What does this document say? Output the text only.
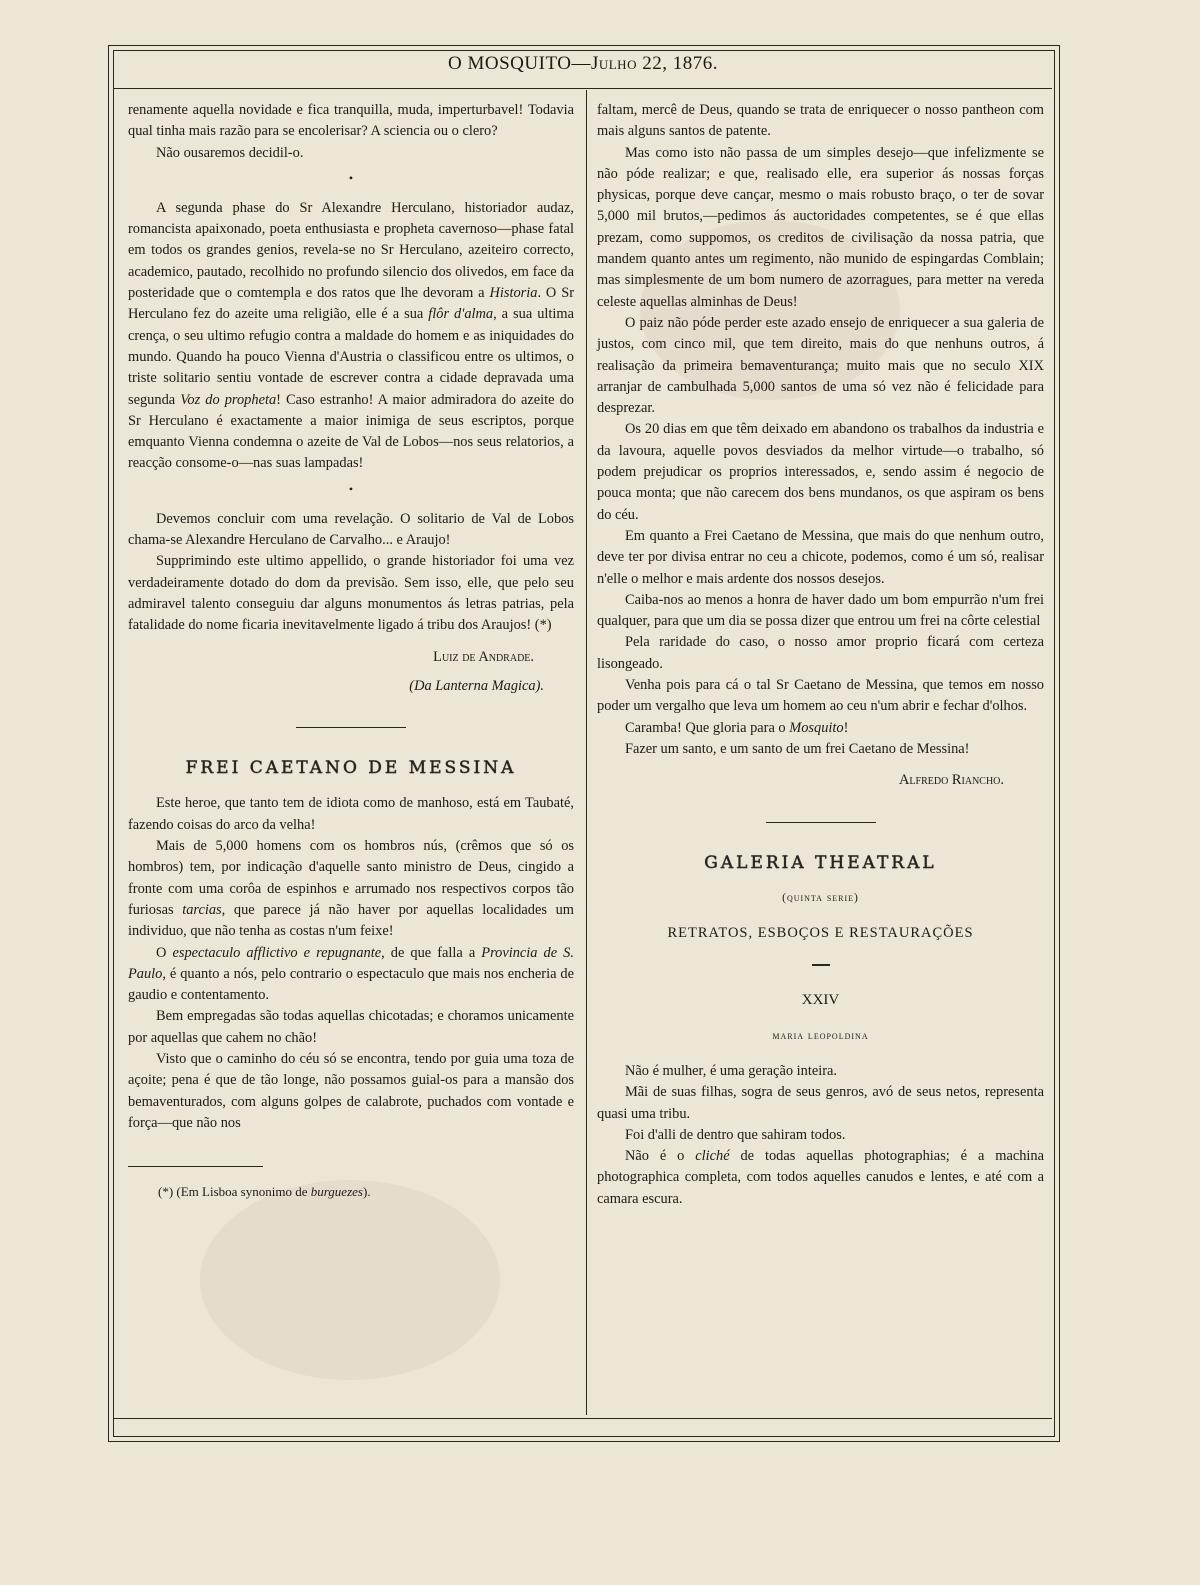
O MOSQUITO—Julho 22, 1876.

renamente aquella novidade e fica tranquilla, muda, imperturbavel! Todavia qual tinha mais razão para se encolerisar? A sciencia ou o clero?

Não ousaremos decidil-o.

•

A segunda phase do Sr Alexandre Herculano, historiador audaz, romancista apaixonado, poeta enthusiasta e propheta cavernoso—phase fatal em todos os grandes genios, revela-se no Sr Herculano, azeiteiro correcto, academico, pautado, recolhido no profundo silencio dos olivedos, em face da posteridade que o comtempla e dos ratos que lhe devoram a Historia. O Sr Herculano fez do azeite uma religião, elle é a sua flôr d'alma, a sua ultima crença, o seu ultimo refugio contra a maldade do homem e as iniquidades do mundo. Quando ha pouco Vienna d'Austria o classificou entre os ultimos, o triste solitario sentiu vontade de escrever contra a cidade depravada uma segunda Voz do propheta! Caso estranho! A maior admiradora do azeite do Sr Herculano é exactamente a maior inimiga de seus escriptos, porque emquanto Vienna condemna o azeite de Val de Lobos—nos seus relatorios, a reacção consome-o—nas suas lampadas!

•

Devemos concluir com uma revelação. O solitario de Val de Lobos chama-se Alexandre Herculano de Carvalho... e Araujo!

Supprimindo este ultimo appellido, o grande historiador foi uma vez verdadeiramente dotado do dom da previsão. Sem isso, elle, que pelo seu admiravel talento conseguiu dar alguns monumentos ás letras patrias, pela fatalidade do nome ficaria inevitavelmente ligado á tribu dos Araujos! (*)

Luiz de Andrade.
(Da Lanterna Magica).
FREI CAETANO DE MESSINA

Este heroe, que tanto tem de idiota como de manhoso, está em Taubaté, fazendo coisas do arco da velha!

Mais de 5,000 homens com os hombros nús, (crêmos que só os hombros) tem, por indicação d'aquelle santo ministro de Deus, cingido a fronte com uma corôa de espinhos e arrumado nos respectivos corpos tão furiosas tarcias, que parece já não haver por aquellas localidades um individuo, que não tenha as costas n'um feixe!

O espectaculo afflictivo e repugnante, de que falla a Provincia de S. Paulo, é quanto a nós, pelo contrario o espectaculo que mais nos encheria de gaudio e contentamento.

Bem empregadas são todas aquellas chicotadas; e choramos unicamente por aquellas que cahem no chão!

Visto que o caminho do céu só se encontra, tendo por guia uma toza de açoite; pena é que de tão longe, não possamos guial-os para a mansão dos bemaventurados, com alguns golpes de calabrote, puchados com vontade e força—que não nos

(*) (Em Lisboa synonimo de burguezes).

faltam, mercê de Deus, quando se trata de enriquecer o nosso pantheon com mais alguns santos de patente.

Mas como isto não passa de um simples desejo—que infelizmente se não póde realizar; e que, realisado elle, era superior ás nossas forças physicas, porque deve cançar, mesmo o mais robusto braço, o ter de sovar 5,000 mil brutos,—pedimos ás auctoridades competentes, se é que ellas prezam, como suppomos, os creditos de civilisação da nossa patria, que mandem quanto antes um regimento, não munido de espingardas Comblain; mas simplesmente de um bom numero de azorragues, para metter na vereda celeste aquellas alminhas de Deus!

O paiz não póde perder este azado ensejo de enriquecer a sua galeria de justos, com cinco mil, que tem direito, mais do que nenhuns outros, á realisação da primeira bemaventurança; muito mais que no seculo XIX arranjar de cambulhada 5,000 santos de uma só vez não é felicidade para desprezar.

Os 20 dias em que têm deixado em abandono os trabalhos da industria e da lavoura, aquelle povos desviados da melhor virtude—o trabalho, só podem prejudicar os proprios interessados, e, sendo assim é negocio de pouca monta; que não carecem dos bens mundanos, os que aspiram os bens do céu.

Em quanto a Frei Caetano de Messina, que mais do que nenhum outro, deve ter por divisa entrar no ceu a chicote, podemos, como é um só, realisar n'elle o melhor e mais ardente dos nossos desejos.

Caiba-nos ao menos a honra de haver dado um bom empurrão n'um frei qualquer, para que um dia se possa dizer que entrou um frei na côrte celestial

Pela raridade do caso, o nosso amor proprio ficará com certeza lisongeado.

Venha pois para cá o tal Sr Caetano de Messina, que temos em nosso poder um vergalho que leva um homem ao ceu n'um abrir e fechar d'olhos.

Caramba! Que gloria para o Mosquito!

Fazer um santo, e um santo de um frei Caetano de Messina!

Alfredo Riancho.
GALERIA THEATRAL
(quinta serie)
RETRATOS, ESBOÇOS E RESTAURAÇÕES
XXIV
maria leopoldina

Não é mulher, é uma geração inteira.

Mãi de suas filhas, sogra de seus genros, avó de seus netos, representa quasi uma tribu.

Foi d'alli de dentro que sahiram todos.

Não é o cliché de todas aquellas photographias; é a machina photographica completa, com todos aquelles canudos e lentes, e até com a camara escura.
